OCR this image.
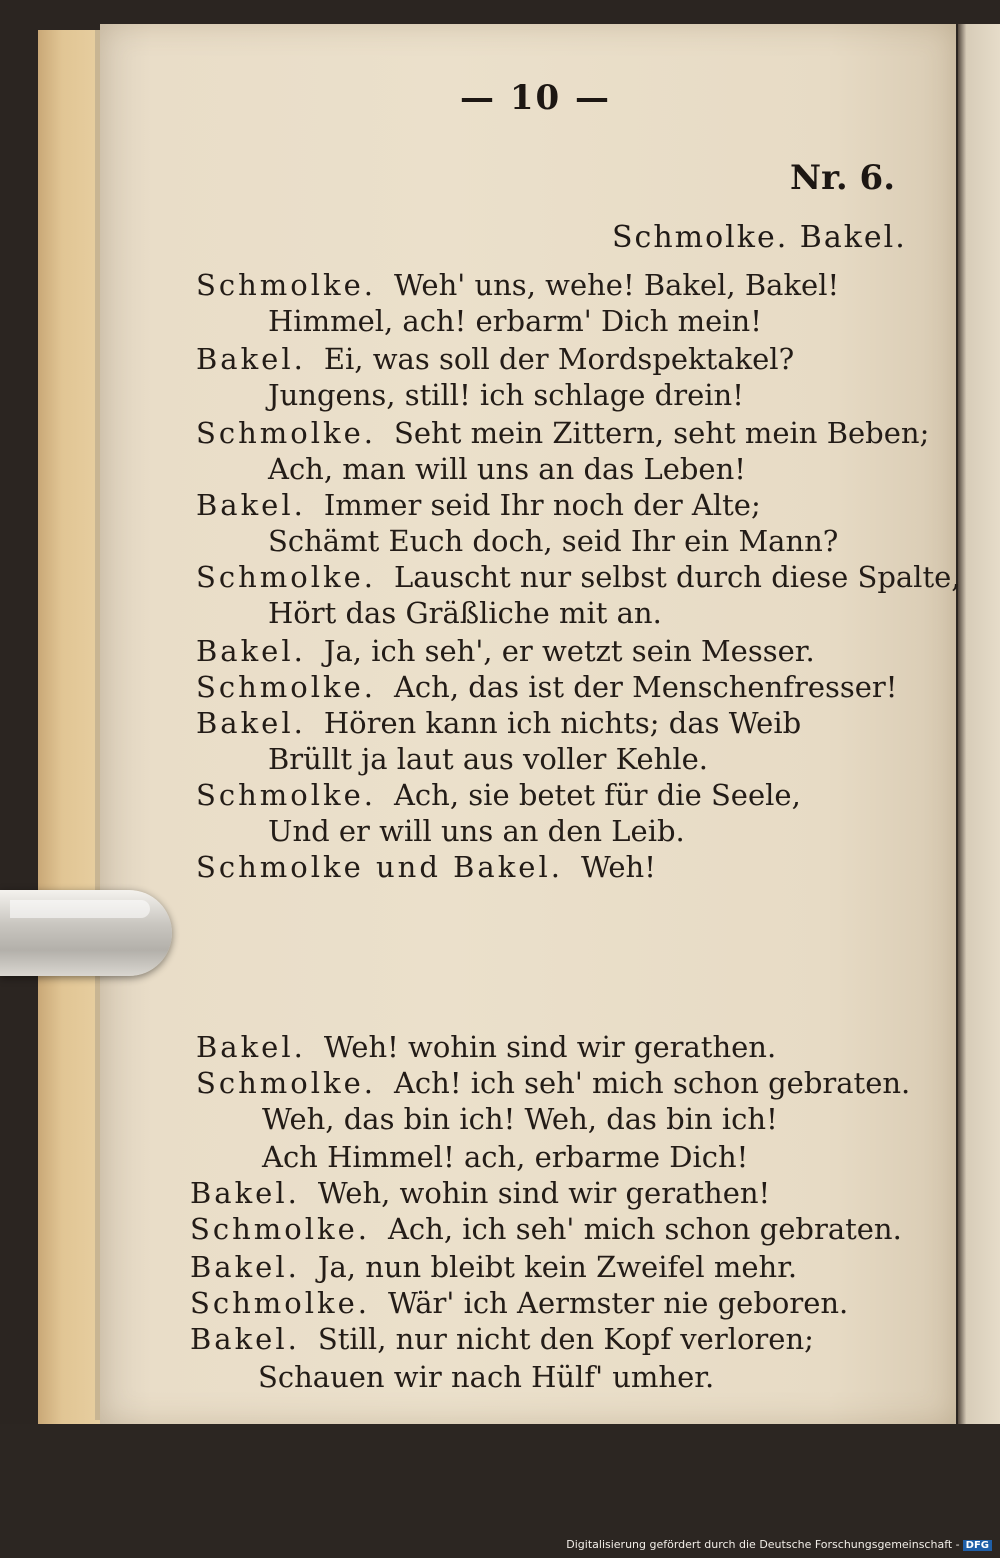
— 10 —
Nr. 6.
Schmolke. Bakel.
Schmolke. Weh' uns, wehe! Bakel, Bakel!
Himmel, ach! erbarm' Dich mein!
Bakel. Ei, was soll der Mordspektakel?
Jungens, still! ich schlage drein!
Schmolke. Seht mein Zittern, seht mein Beben;
Ach, man will uns an das Leben!
Bakel. Immer seid Ihr noch der Alte;
Schämt Euch doch, seid Ihr ein Mann?
Schmolke. Lauscht nur selbst durch diese Spalte,
Hört das Gräßliche mit an.
Bakel. Ja, ich seh', er wetzt sein Messer.
Schmolke. Ach, das ist der Menschenfresser!
Bakel. Hören kann ich nichts; das Weib
Brüllt ja laut aus voller Kehle.
Schmolke. Ach, sie betet für die Seele,
Und er will uns an den Leib.
Schmolke und Bakel. Weh!
Bakel. Weh! wohin sind wir gerathen.
Schmolke. Ach! ich seh' mich schon gebraten.
Weh, das bin ich! Weh, das bin ich!
Ach Himmel! ach, erbarme Dich!
Bakel. Weh, wohin sind wir gerathen!
Schmolke. Ach, ich seh' mich schon gebraten.
Bakel. Ja, nun bleibt kein Zweifel mehr.
Schmolke. Wär' ich Aermster nie geboren.
Bakel. Still, nur nicht den Kopf verloren;
Schauen wir nach Hülf' umher.
Digitalisierung gefördert durch die Deutsche Forschungsgemeinschaft - DFG
